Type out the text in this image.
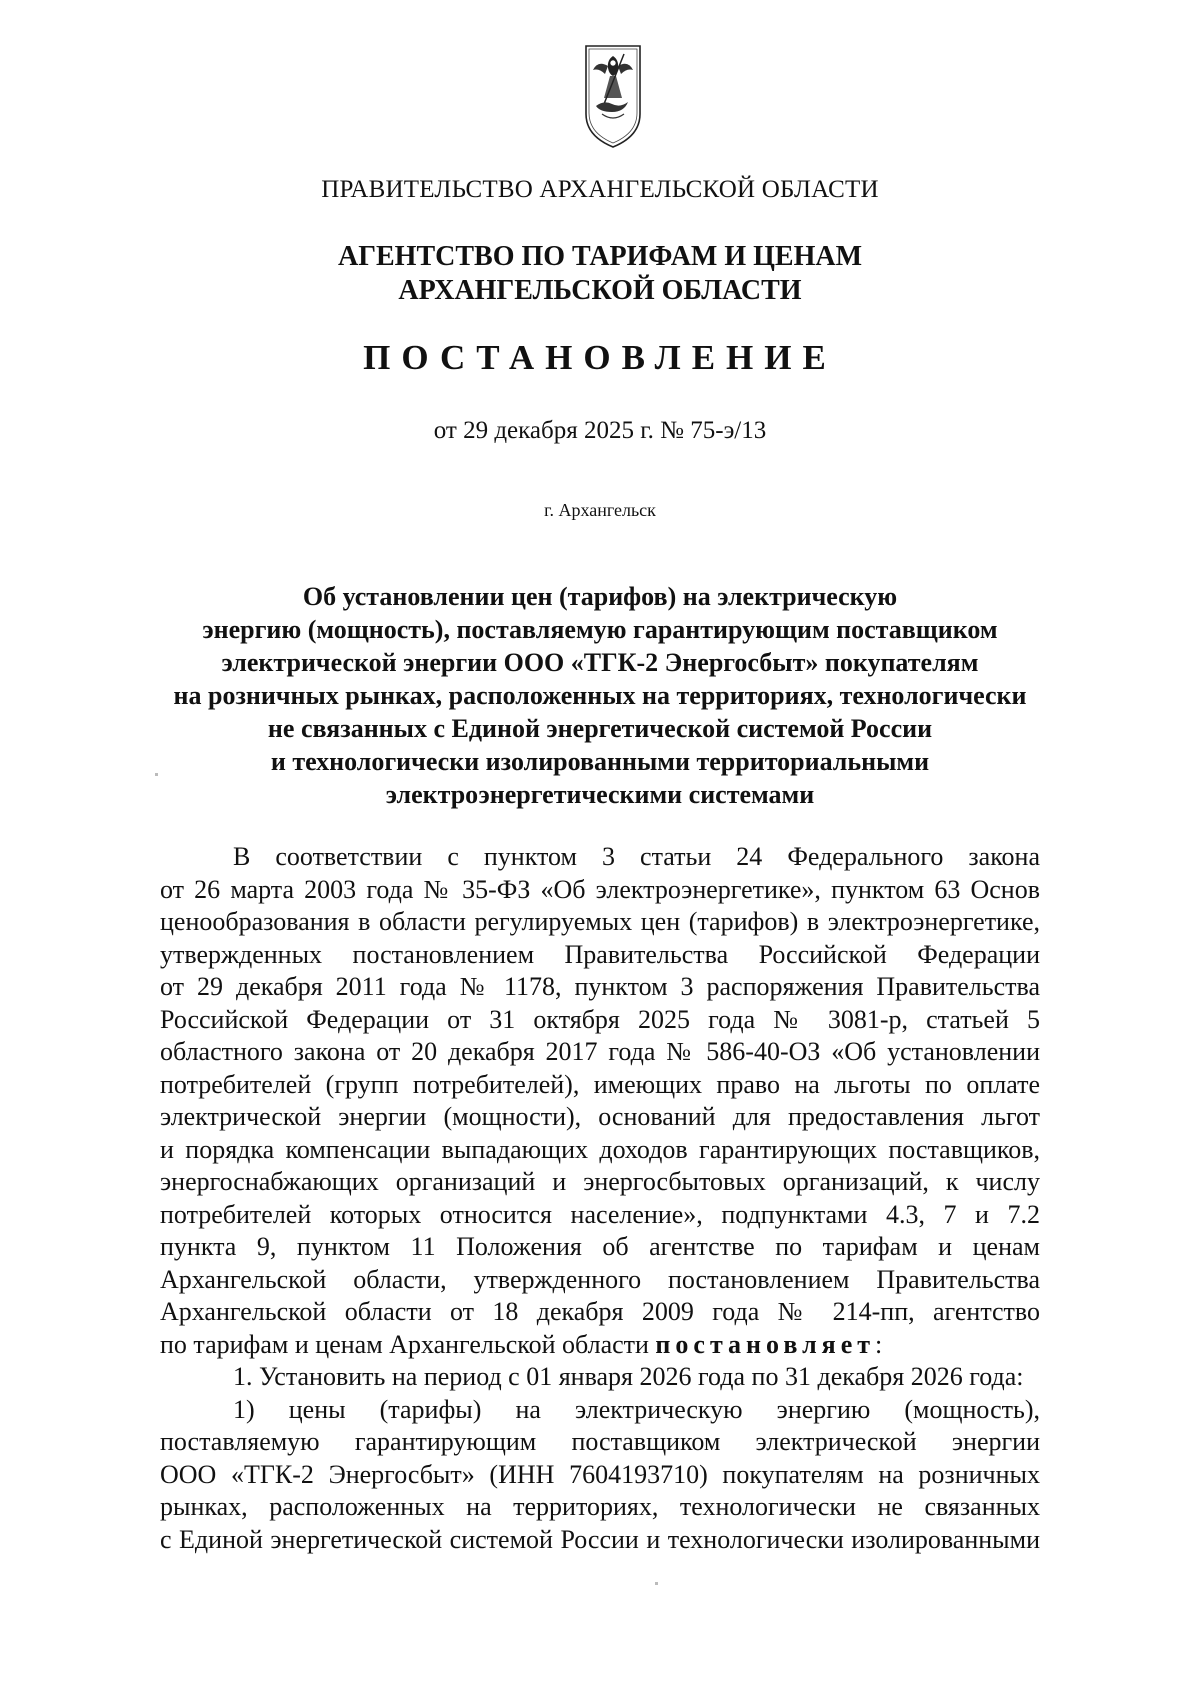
ПРАВИТЕЛЬСТВО АРХАНГЕЛЬСКОЙ ОБЛАСТИ
АГЕНТСТВО ПО ТАРИФАМ И ЦЕНАМ
АРХАНГЕЛЬСКОЙ ОБЛАСТИ
ПОСТАНОВЛЕНИЕ
от 29 декабря 2025 г. № 75-э/13
г. Архангельск
Об установлении цен (тарифов) на электрическую
энергию (мощность), поставляемую гарантирующим поставщиком
электрической энергии ООО «ТГК-2 Энергосбыт» покупателям
на розничных рынках, расположенных на территориях, технологически
не связанных с Единой энергетической системой России
и технологически изолированными территориальными
электроэнергетическими системами
В соответствии с пунктом 3 статьи 24 Федерального закона
от 26 марта 2003 года № 35-ФЗ «Об электроэнергетике», пунктом 63 Основ
ценообразования в области регулируемых цен (тарифов) в электроэнергетике,
утвержденных постановлением Правительства Российской Федерации
от 29 декабря 2011 года № 1178, пунктом 3 распоряжения Правительства
Российской Федерации от 31 октября 2025 года № 3081-р, статьей 5
областного закона от 20 декабря 2017 года № 586-40-ОЗ «Об установлении
потребителей (групп потребителей), имеющих право на льготы по оплате
электрической энергии (мощности), оснований для предоставления льгот
и порядка компенсации выпадающих доходов гарантирующих поставщиков,
энергоснабжающих организаций и энергосбытовых организаций, к числу
потребителей которых относится население», подпунктами 4.3, 7 и 7.2
пункта 9, пунктом 11 Положения об агентстве по тарифам и ценам
Архангельской области, утвержденного постановлением Правительства
Архангельской области от 18 декабря 2009 года № 214-пп, агентство
по тарифам и ценам Архангельской области постановляет:
1. Установить на период с 01 января 2026 года по 31 декабря 2026 года:
1) цены (тарифы) на электрическую энергию (мощность),
поставляемую гарантирующим поставщиком электрической энергии
ООО «ТГК-2 Энергосбыт» (ИНН 7604193710) покупателям на розничных
рынках, расположенных на территориях, технологически не связанных
с Единой энергетической системой России и технологически изолированными
